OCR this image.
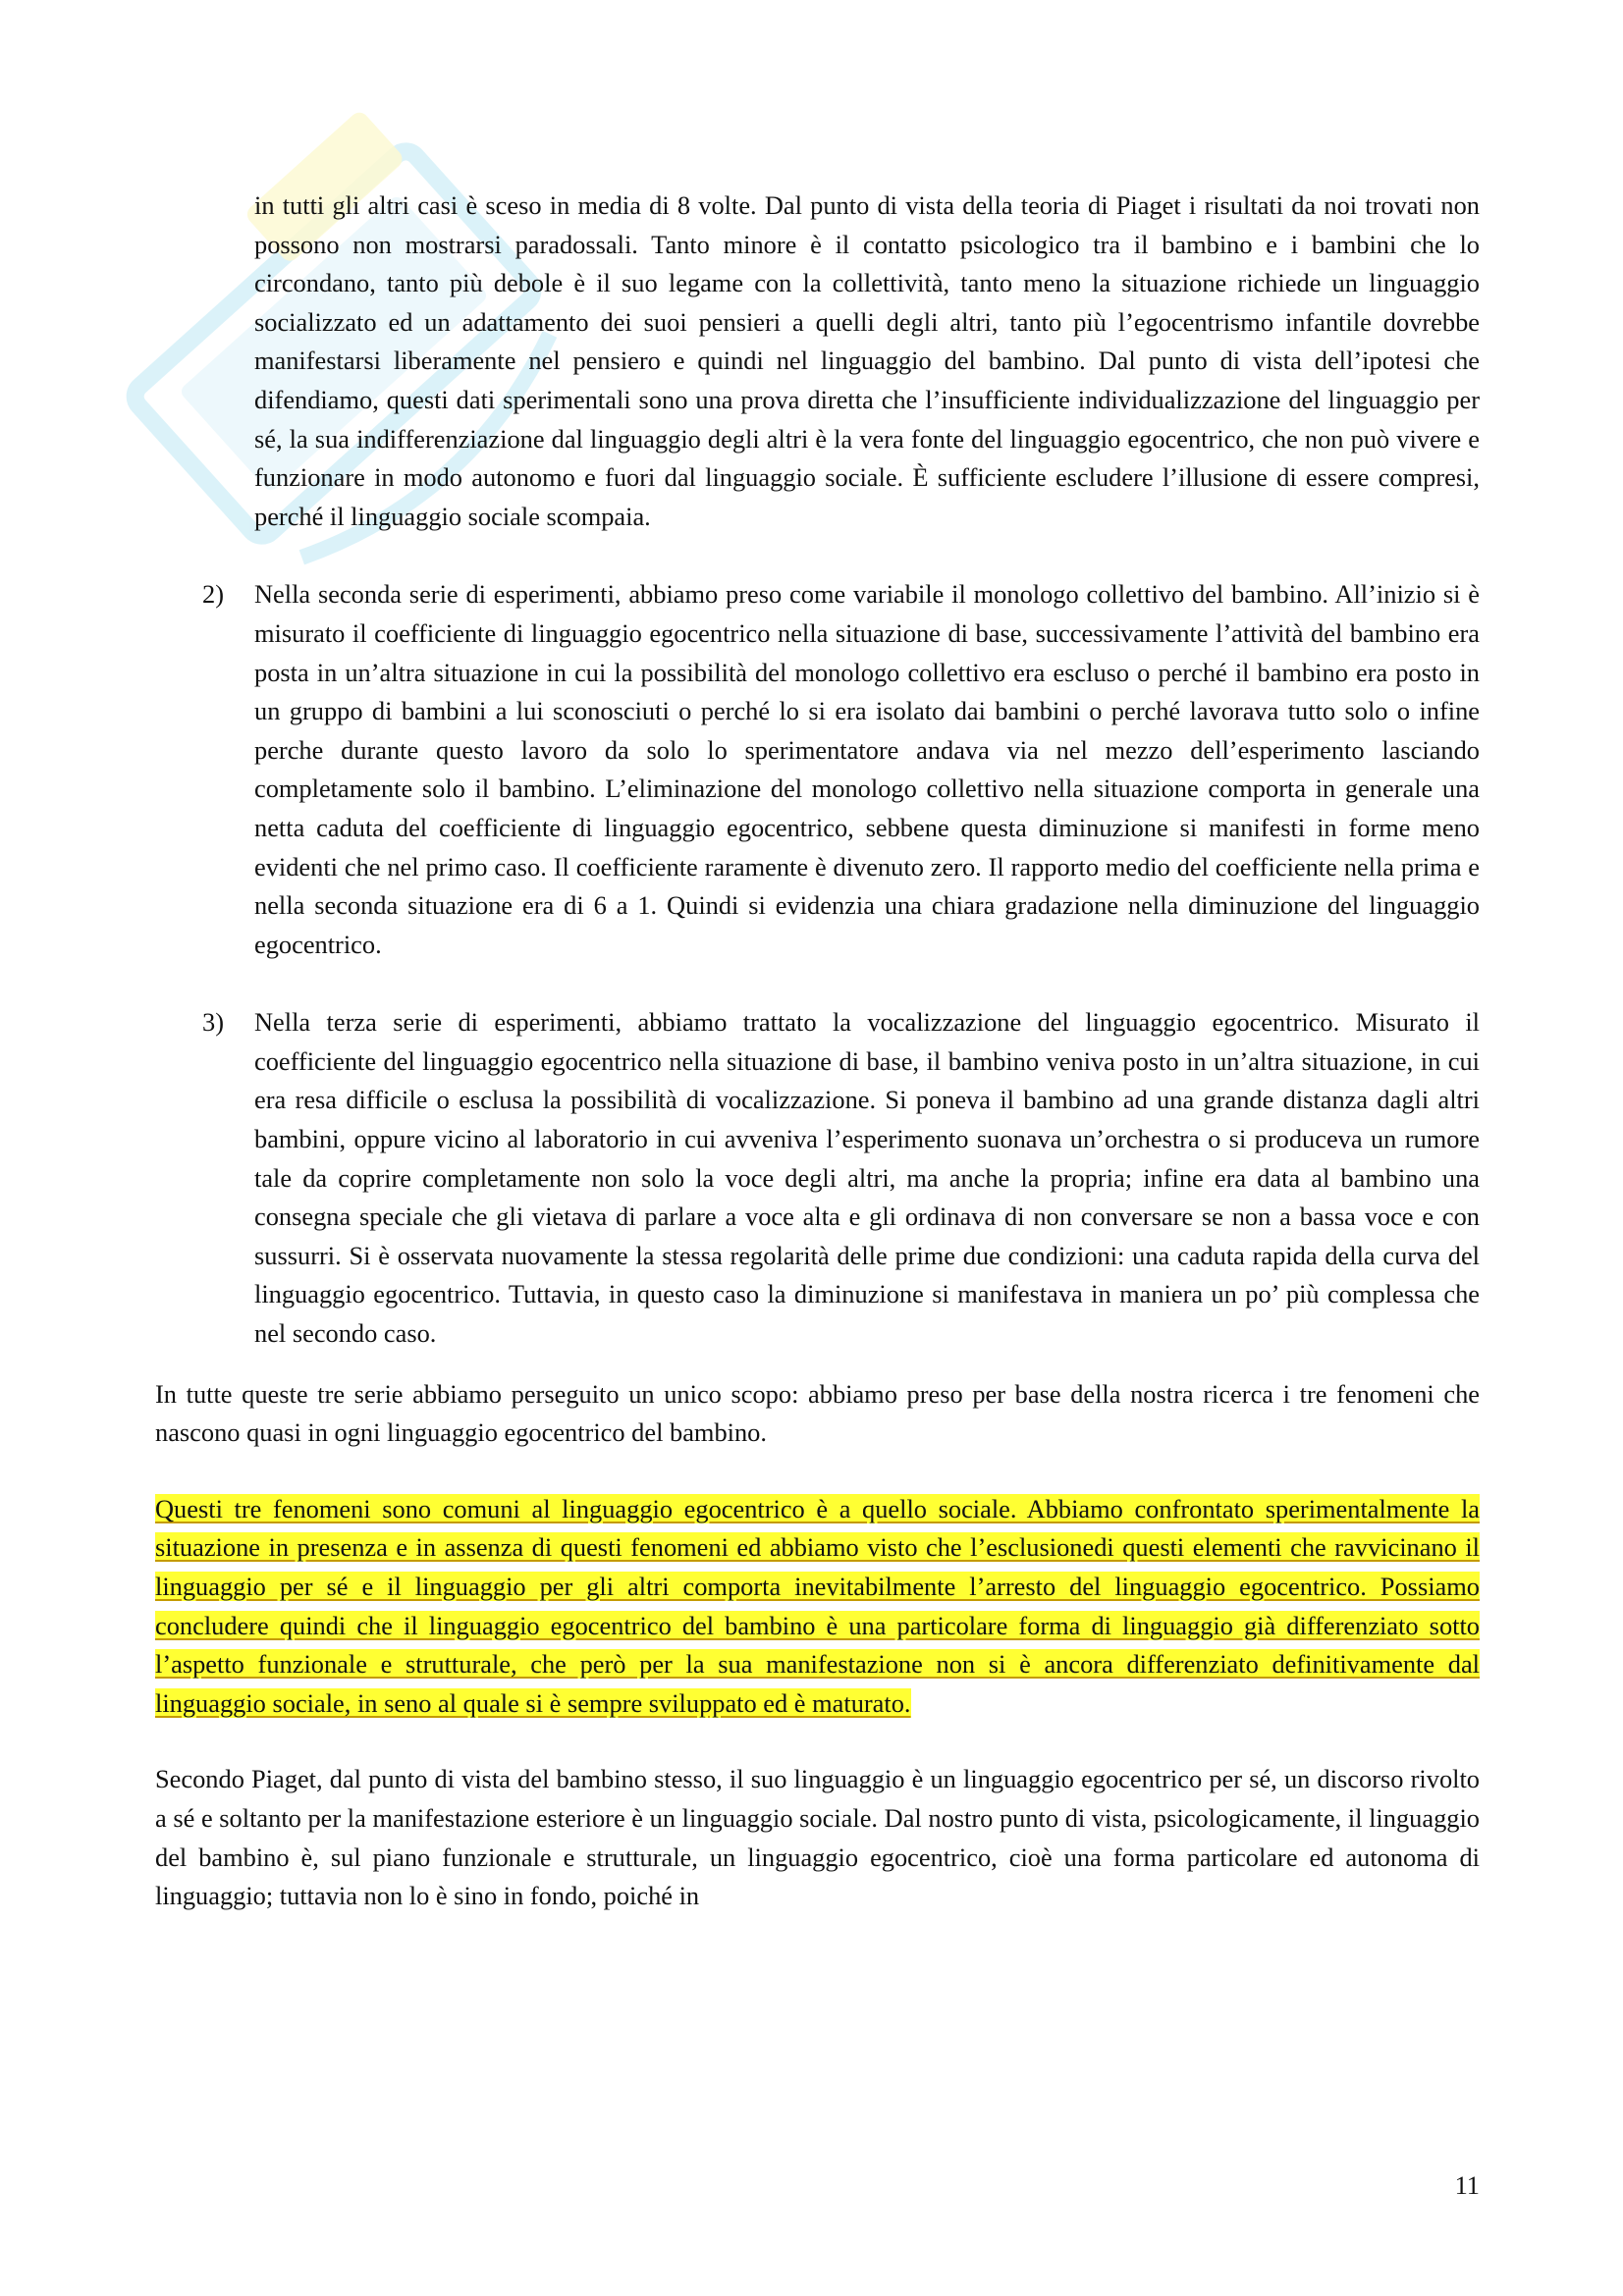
in tutti gli altri casi è sceso in media di 8 volte. Dal punto di vista della teoria di Piaget i risultati da noi trovati non possono non mostrarsi paradossali. Tanto minore è il contatto psicologico tra il bambino e i bambini che lo circondano, tanto più debole è il suo legame con la collettività, tanto meno la situazione richiede un linguaggio socializzato ed un adattamento dei suoi pensieri a quelli degli altri, tanto più l’egocentrismo infantile dovrebbe manifestarsi liberamente nel pensiero e quindi nel linguaggio del bambino. Dal punto di vista dell’ipotesi che difendiamo, questi dati sperimentali sono una prova diretta che l’insufficiente individualizzazione del linguaggio per sé, la sua indifferenziazione dal linguaggio degli altri è la vera fonte del linguaggio egocentrico, che non può vivere e funzionare in modo autonomo e fuori dal linguaggio sociale. È sufficiente escludere l’illusione di essere compresi, perché il linguaggio sociale scompaia.

2) Nella seconda serie di esperimenti, abbiamo preso come variabile il monologo collettivo del bambino. All’inizio si è misurato il coefficiente di linguaggio egocentrico nella situazione di base, successivamente l’attività del bambino era posta in un’altra situazione in cui la possibilità del monologo collettivo era escluso o perché il bambino era posto in un gruppo di bambini a lui sconosciuti o perché lo si era isolato dai bambini o perché lavorava tutto solo o infine perche durante questo lavoro da solo lo sperimentatore andava via nel mezzo dell’esperimento lasciando completamente solo il bambino. L’eliminazione del monologo collettivo nella situazione comporta in generale una netta caduta del coefficiente di linguaggio egocentrico, sebbene questa diminuzione si manifesti in forme meno evidenti che nel primo caso. Il coefficiente raramente è divenuto zero. Il rapporto medio del coefficiente nella prima e nella seconda situazione era di 6 a 1. Quindi si evidenzia una chiara gradazione nella diminuzione del linguaggio egocentrico.

3) Nella terza serie di esperimenti, abbiamo trattato la vocalizzazione del linguaggio egocentrico. Misurato il coefficiente del linguaggio egocentrico nella situazione di base, il bambino veniva posto in un’altra situazione, in cui era resa difficile o esclusa la possibilità di vocalizzazione. Si poneva il bambino ad una grande distanza dagli altri bambini, oppure vicino al laboratorio in cui avveniva l’esperimento suonava un’orchestra o si produceva un rumore tale da coprire completamente non solo la voce degli altri, ma anche la propria; infine era data al bambino una consegna speciale che gli vietava di parlare a voce alta e gli ordinava di non conversare se non a bassa voce e con sussurri. Si è osservata nuovamente la stessa regolarità delle prime due condizioni: una caduta rapida della curva del linguaggio egocentrico. Tuttavia, in questo caso la diminuzione si manifestava in maniera un po’ più complessa che nel secondo caso.

In tutte queste tre serie abbiamo perseguito un unico scopo: abbiamo preso per base della nostra ricerca i tre fenomeni che nascono quasi in ogni linguaggio egocentrico del bambino.

Questi tre fenomeni sono comuni al linguaggio egocentrico è a quello sociale. Abbiamo confrontato sperimentalmente la situazione in presenza e in assenza di questi fenomeni ed abbiamo visto che l’esclusionedi questi elementi che ravvicinano il linguaggio per sé e il linguaggio per gli altri comporta inevitabilmente l’arresto del linguaggio egocentrico. Possiamo concludere quindi che il linguaggio egocentrico del bambino è una particolare forma di linguaggio già differenziato sotto l’aspetto funzionale e strutturale, che però per la sua manifestazione non si è ancora differenziato definitivamente dal linguaggio sociale, in seno al quale si è sempre sviluppato ed è maturato.

Secondo Piaget, dal punto di vista del bambino stesso, il suo linguaggio è un linguaggio egocentrico per sé, un discorso rivolto a sé e soltanto per la manifestazione esteriore è un linguaggio sociale. Dal nostro punto di vista, psicologicamente, il linguaggio del bambino è, sul piano funzionale e strutturale, un linguaggio egocentrico, cioè una forma particolare ed autonoma di linguaggio; tuttavia non lo è sino in fondo, poiché in

11
